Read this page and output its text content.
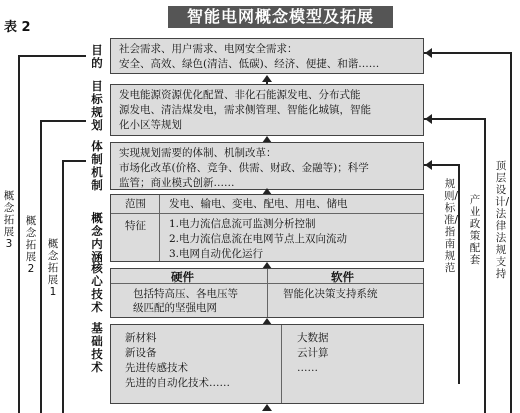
表 2
智能电网概念模型及拓展
概念拓展3
概念拓展2
概念拓展1
目的
目标规划
体制机制
概念内涵
核心技术
基础技术
社会需求、用户需求、电网安全需求：
安全、高效、绿色(清洁、低碳)、经济、便捷、和谐……
发电能源资源优化配置、非化石能源发电、分布式能
源发电、清洁煤发电，需求侧管理、智能化城镇，智能
化小区等规划
实现规划需要的体制、机制改革：
市场化改革(价格、竞争、供需、财政、金融等)；科学
监管；商业模式创新……
范围 发电、输电、变电、配电、用电、储电
特征 1.电力流信息流可监测分析控制
2.电力流信息流在电网节点上双向流动
3.电网自动优化运行
硬件	软件
包括特高压、各电压等
级匹配的坚强电网
智能化决策支持系统
新材料
新设备
先进传感技术
先进的自动化技术……
大数据
云计算
……
规则/标准/指南规范
产业政策配套
顶层设计/法律法规支持
